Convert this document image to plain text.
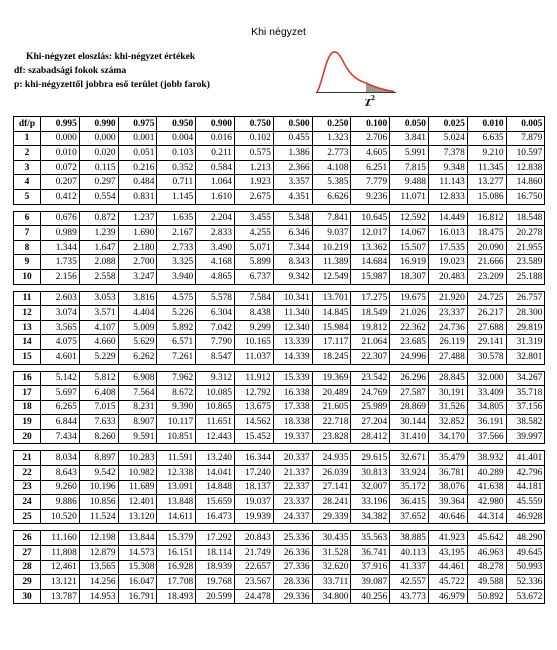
Khi négyzet
Khi-négyzet eloszlás: khi-négyzet értékek
df: szabadsági fokok száma
p: khi-négyzettől jobbra eső terület (jobb farok)
$\chi^2$
df/p	0.995	0.990	0.975	0.950	0.900	0.750	0.500	0.250	0.100	0.050	0.025	0.010	0.005
1	0.000	0.000	0.001	0.004	0.016	0.102	0.455	1.323	2.706	3.841	5.024	6.635	7.879
2	0.010	0.020	0.051	0.103	0.211	0.575	1.386	2.773	4.605	5.991	7.378	9.210	10.597
3	0.072	0.115	0.216	0.352	0.584	1.213	2.366	4.108	6.251	7.815	9.348	11.345	12.838
4	0.207	0.297	0.484	0.711	1.064	1.923	3.357	5.385	7.779	9.488	11.143	13.277	14.860
5	0.412	0.554	0.831	1.145	1.610	2.675	4.351	6.626	9.236	11.071	12.833	15.086	16.750

6	0.676	0.872	1.237	1.635	2.204	3.455	5.348	7.841	10.645	12.592	14.449	16.812	18.548
7	0.989	1.239	1.690	2.167	2.833	4.255	6.346	9.037	12.017	14.067	16.013	18.475	20.278
8	1.344	1.647	2.180	2.733	3.490	5.071	7.344	10.219	13.362	15.507	17.535	20.090	21.955
9	1.735	2.088	2.700	3.325	4.168	5.899	8.343	11.389	14.684	16.919	19.023	21.666	23.589
10	2.156	2.558	3.247	3.940	4.865	6.737	9.342	12.549	15.987	18.307	20.483	23.209	25.188

11	2.603	3.053	3.816	4.575	5.578	7.584	10.341	13.701	17.275	19.675	21.920	24.725	26.757
12	3.074	3.571	4.404	5.226	6.304	8.438	11.340	14.845	18.549	21.026	23.337	26.217	28.300
13	3.565	4.107	5.009	5.892	7.042	9.299	12.340	15.984	19.812	22.362	24.736	27.688	29.819
14	4.075	4.660	5.629	6.571	7.790	10.165	13.339	17.117	21.064	23.685	26.119	29.141	31.319
15	4.601	5.229	6.262	7.261	8.547	11.037	14.339	18.245	22.307	24.996	27.488	30.578	32.801

16	5.142	5.812	6.908	7.962	9.312	11.912	15.339	19.369	23.542	26.296	28.845	32.000	34.267
17	5.697	6.408	7.564	8.672	10.085	12.792	16.338	20.489	24.769	27.587	30.191	33.409	35.718
18	6.265	7.015	8.231	9.390	10.865	13.675	17.338	21.605	25.989	28.869	31.526	34.805	37.156
19	6.844	7.633	8.907	10.117	11.651	14.562	18.338	22.718	27.204	30.144	32.852	36.191	38.582
20	7.434	8.260	9.591	10.851	12.443	15.452	19.337	23.828	28.412	31.410	34.170	37.566	39.997

21	8.034	8.897	10.283	11.591	13.240	16.344	20.337	24.935	29.615	32.671	35.479	38.932	41.401
22	8.643	9.542	10.982	12.338	14.041	17.240	21.337	26.039	30.813	33.924	36.781	40.289	42.796
23	9.260	10.196	11.689	13.091	14.848	18.137	22.337	27.141	32.007	35.172	38.076	41.638	44.181
24	9.886	10.856	12.401	13.848	15.659	19.037	23.337	28.241	33.196	36.415	39.364	42.980	45.559
25	10.520	11.524	13.120	14.611	16.473	19.939	24.337	29.339	34.382	37.652	40.646	44.314	46.928

26	11.160	12.198	13.844	15.379	17.292	20.843	25.336	30.435	35.563	38.885	41.923	45.642	48.290
27	11.808	12.879	14.573	16.151	18.114	21.749	26.336	31.528	36.741	40.113	43.195	46.963	49.645
28	12.461	13.565	15.308	16.928	18.939	22.657	27.336	32.620	37.916	41.337	44.461	48.278	50.993
29	13.121	14.256	16.047	17.708	19.768	23.567	28.336	33.711	39.087	42.557	45.722	49.588	52.336
30	13.787	14.953	16.791	18.493	20.599	24.478	29.336	34.800	40.256	43.773	46.979	50.892	53.672
